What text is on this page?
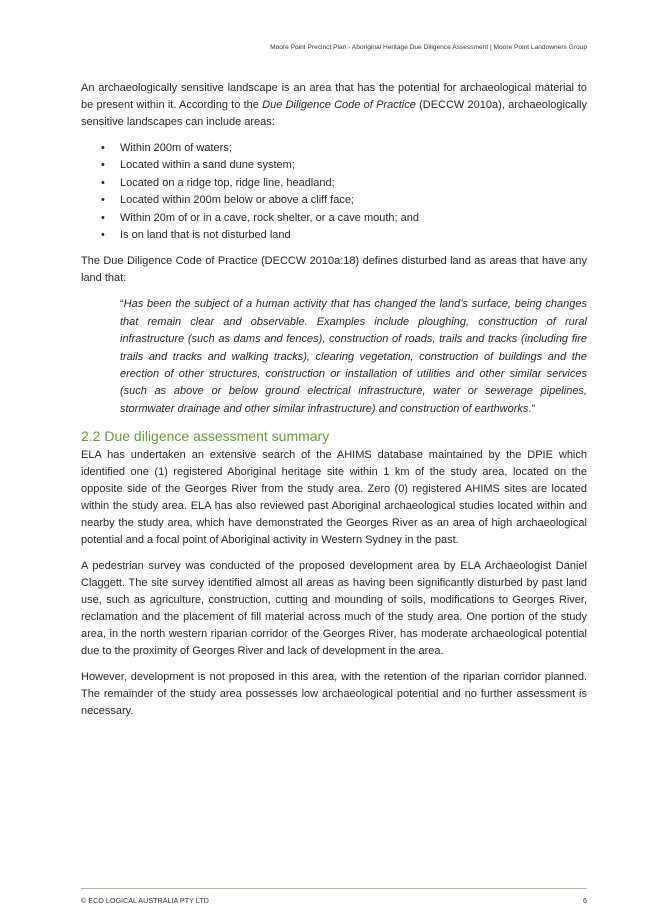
Moore Point Precinct Plan - Aboriginal Heritage Due Diligence Assessment | Moore Point Landowners Group

An archaeologically sensitive landscape is an area that has the potential for archaeological material to be present within it. According to the Due Diligence Code of Practice (DECCW 2010a), archaeologically sensitive landscapes can include areas:

• Within 200m of waters;
• Located within a sand dune system;
• Located on a ridge top, ridge line, headland;
• Located within 200m below or above a cliff face;
• Within 20m of or in a cave, rock shelter, or a cave mouth; and
• Is on land that is not disturbed land

The Due Diligence Code of Practice (DECCW 2010a:18) defines disturbed land as areas that have any land that:

“Has been the subject of a human activity that has changed the land’s surface, being changes that remain clear and observable. Examples include ploughing, construction of rural infrastructure (such as dams and fences), construction of roads, trails and tracks (including fire trails and tracks and walking tracks), clearing vegetation, construction of buildings and the erection of other structures, construction or installation of utilities and other similar services (such as above or below ground electrical infrastructure, water or sewerage pipelines, stormwater drainage and other similar infrastructure) and construction of earthworks.”

2.2 Due diligence assessment summary

ELA has undertaken an extensive search of the AHIMS database maintained by the DPIE which identified one (1) registered Aboriginal heritage site within 1 km of the study area, located on the opposite side of the Georges River from the study area. Zero (0) registered AHIMS sites are located within the study area. ELA has also reviewed past Aboriginal archaeological studies located within and nearby the study area, which have demonstrated the Georges River as an area of high archaeological potential and a focal point of Aboriginal activity in Western Sydney in the past.

A pedestrian survey was conducted of the proposed development area by ELA Archaeologist Daniel Claggett. The site survey identified almost all areas as having been significantly disturbed by past land use, such as agriculture, construction, cutting and mounding of soils, modifications to Georges River, reclamation and the placement of fill material across much of the study area. One portion of the study area, in the north western riparian corridor of the Georges River, has moderate archaeological potential due to the proximity of Georges River and lack of development in the area.

However, development is not proposed in this area, with the retention of the riparian corridor planned. The remainder of the study area possesses low archaeological potential and no further assessment is necessary.

© ECO LOGICAL AUSTRALIA PTY LTD	6
